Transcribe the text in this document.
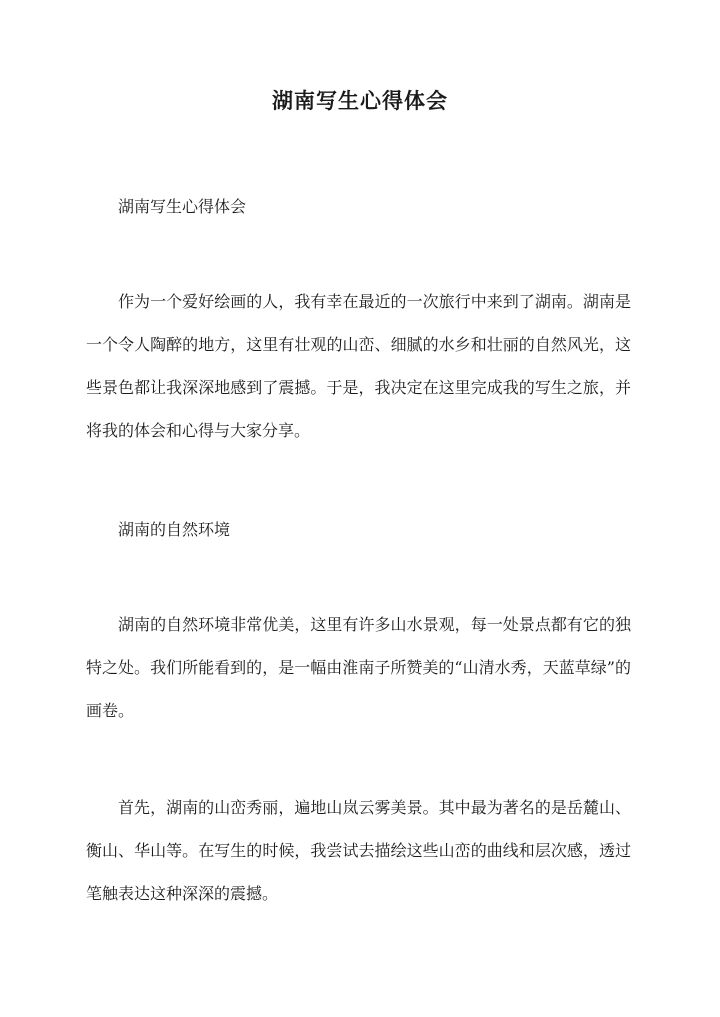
湖南写生心得体会

湖南写生心得体会

作为一个爱好绘画的人，我有幸在最近的一次旅行中来到了湖南。湖南是一个令人陶醉的地方，这里有壮观的山峦、细腻的水乡和壮丽的自然风光，这些景色都让我深深地感到了震撼。于是，我决定在这里完成我的写生之旅，并将我的体会和心得与大家分享。

湖南的自然环境

湖南的自然环境非常优美，这里有许多山水景观，每一处景点都有它的独特之处。我们所能看到的，是一幅由淮南子所赞美的“山清水秀，天蓝草绿”的画卷。

首先，湖南的山峦秀丽，遍地山岚云雾美景。其中最为著名的是岳麓山、衡山、华山等。在写生的时候，我尝试去描绘这些山峦的曲线和层次感，透过笔触表达这种深深的震撼。
